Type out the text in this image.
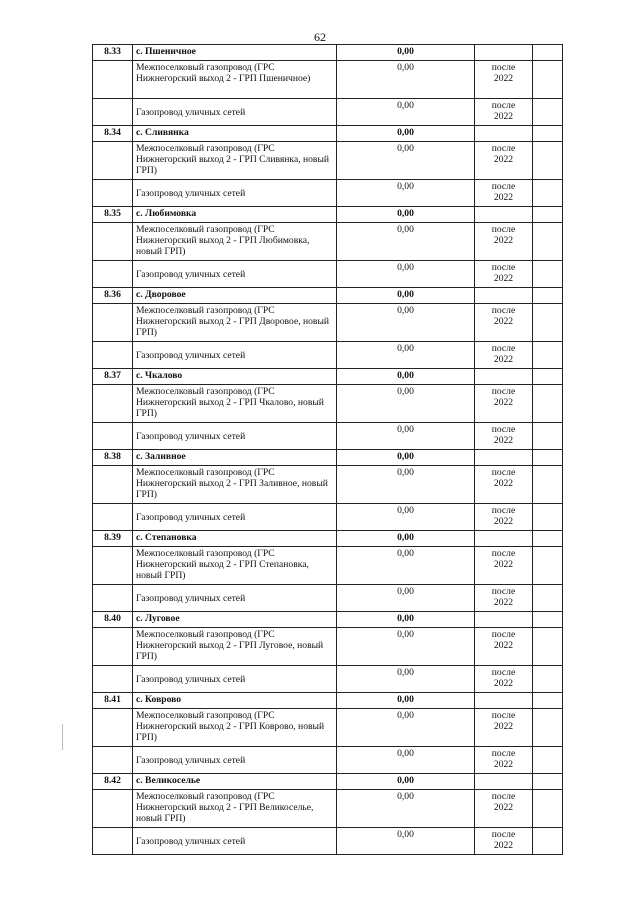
62
8.33	с. Пшеничное	0,00		
	Межпоселковый газопровод (ГРС Нижнегорский выход 2 - ГРП Пшеничное)	0,00	после
2022	

	Газопровод уличных сетей	0,00	после
2022	

8.34	с. Сливянка	0,00		
	Межпоселковый газопровод (ГРС Нижнегорский выход 2 - ГРП Сливянка, новый ГРП)	0,00	после
2022	

	Газопровод уличных сетей	0,00	после
2022	

8.35	с. Любимовка	0,00		
	Межпоселковый газопровод (ГРС Нижнегорский выход 2 - ГРП Любимовка, новый ГРП)	0,00	после
2022	

	Газопровод уличных сетей	0,00	после
2022	

8.36	с. Дворовое	0,00		
	Межпоселковый газопровод (ГРС Нижнегорский выход 2 - ГРП Дворовое, новый ГРП)	0,00	после
2022	

	Газопровод уличных сетей	0,00	после
2022	

8.37	с. Чкалово	0,00		
	Межпоселковый газопровод (ГРС Нижнегорский выход 2 - ГРП Чкалово, новый ГРП)	0,00	после
2022	

	Газопровод уличных сетей	0,00	после
2022	

8.38	с. Заливное	0,00		
	Межпоселковый газопровод (ГРС Нижнегорский выход 2 - ГРП Заливное, новый ГРП)	0,00	после
2022	

	Газопровод уличных сетей	0,00	после
2022	

8.39	с. Степановка	0,00		
	Межпоселковый газопровод (ГРС Нижнегорский выход 2 - ГРП Степановка, новый ГРП)	0,00	после
2022	

	Газопровод уличных сетей	0,00	после
2022	

8.40	с. Луговое	0,00		
	Межпоселковый газопровод (ГРС Нижнегорский выход 2 - ГРП Луговое, новый ГРП)	0,00	после
2022	

	Газопровод уличных сетей	0,00	после
2022	

8.41	с. Коврово	0,00		
	Межпоселковый газопровод (ГРС Нижнегорский выход 2 - ГРП Коврово, новый ГРП)	0,00	после
2022	

	Газопровод уличных сетей	0,00	после
2022	

8.42	с. Великоселье	0,00		
	Межпоселковый газопровод (ГРС Нижнегорский выход 2 - ГРП Великоселье, новый ГРП)	0,00	после
2022	

	Газопровод уличных сетей	0,00	после
2022	
